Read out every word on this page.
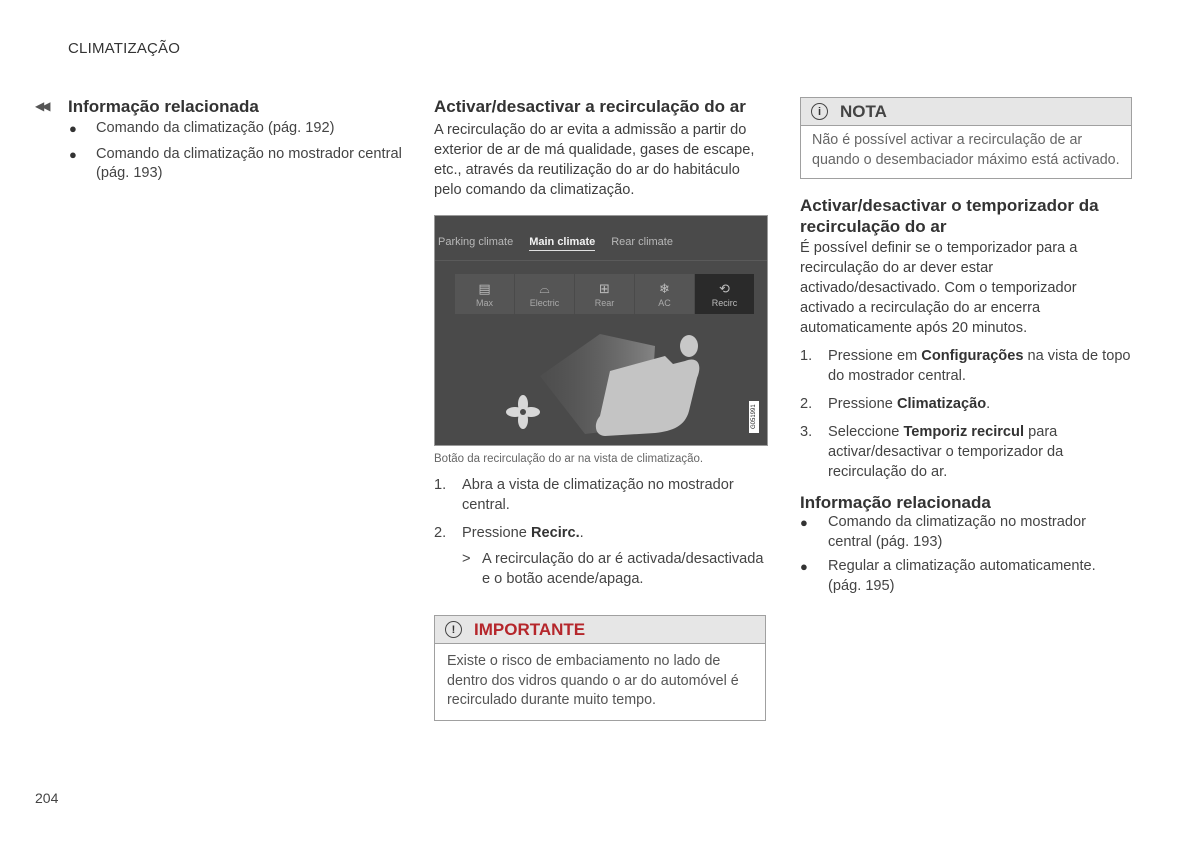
CLIMATIZAÇÃO
◀◀	Informação relacionada
● Comando da climatização (pág. 192)
● Comando da climatização no mostrador central (pág. 193)
Activar/desactivar a recirculação do ar

A recirculação do ar evita a admissão a partir do exterior de ar de má qualidade, gases de escape, etc., através da reutilização do ar do habitáculo pelo comando da climatização.

Parking climate Main climate Rear climate
▤
Max
⌓
Electric
⊞
Rear
❄
AC
⟲
Recirc
G051991
Botão da recirculação do ar na vista de climatização.
1. Abra a vista de climatização no mostrador central.
2. Pressione Recirc..
> A recirculação do ar é activada/desactivada e o botão acende/apaga.
!	IMPORTANTE
Existe o risco de embaciamento no lado de dentro dos vidros quando o ar do automóvel é recirculado durante muito tempo.
i	NOTA
Não é possível activar a recirculação de ar quando o desembaciador máximo está activado.
Activar/desactivar o temporizador da recirculação do ar

É possível definir se o temporizador para a recirculação do ar dever estar activado/desactivado. Com o temporizador activado a recirculação do ar encerra automaticamente após 20 minutos.

1. Pressione em Configurações na vista de topo do mostrador central.
2. Pressione Climatização.
3. Seleccione Temporiz recircul para activar/desactivar o temporizador da recirculação do ar.
Informação relacionada
● Comando da climatização no mostrador central (pág. 193)
● Regular a climatização automaticamente. (pág. 195)
204
